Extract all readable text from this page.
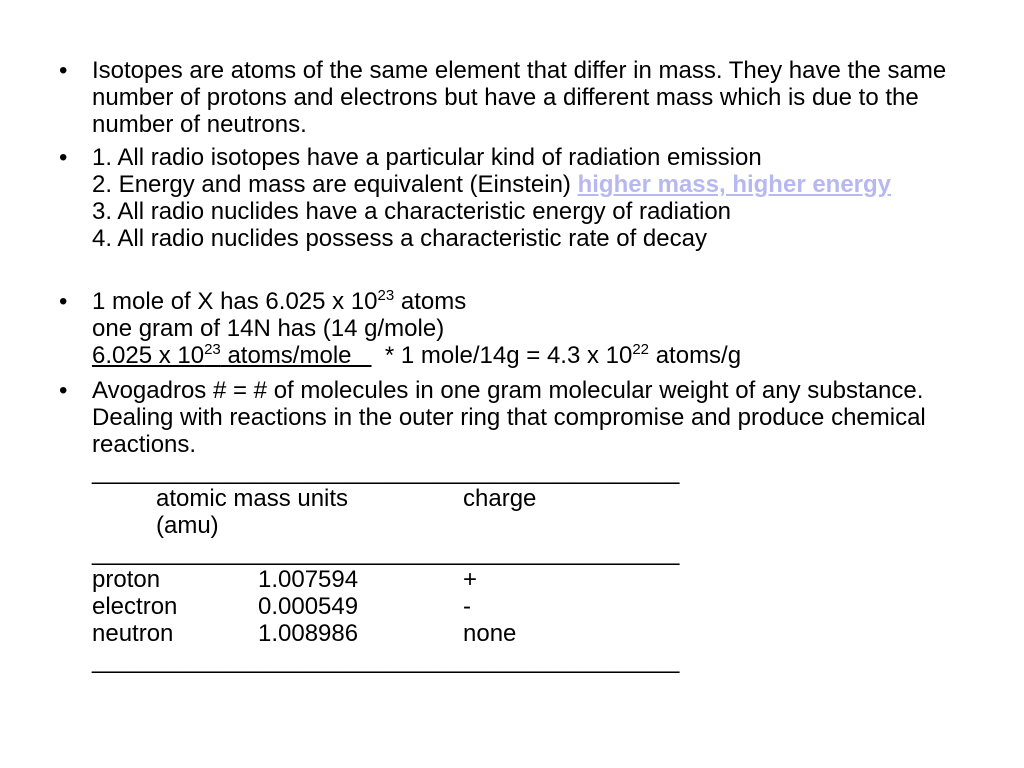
• Isotopes are atoms of the same element that differ in mass. They have the same number of protons and electrons but have a different mass which is due to the number of neutrons.
• 1. All radio isotopes have a particular kind of radiation emission
2. Energy and mass are equivalent (Einstein) higher mass, higher energy
3. All radio nuclides have a characteristic energy of radiation
4. All radio nuclides possess a characteristic rate of decay
• 1 mole of X has 6.025 x $10^{23}$ atoms
one gram of 14N has (14 g/mole)
6.025 x $10^{23}$ atoms/mole     * 1 mole/14g = 4.3 x $10^{22}$ atoms/g
• Avogadros # = # of molecules in one gram molecular weight of any substance.
Dealing with reactions in the outer ring that compromise and produce chemical reactions.
____________________________________________
atomic mass units	charge
(amu)
____________________________________________
proton	1.007594	+
electron	0.000549	-
neutron	1.008986	none
____________________________________________
